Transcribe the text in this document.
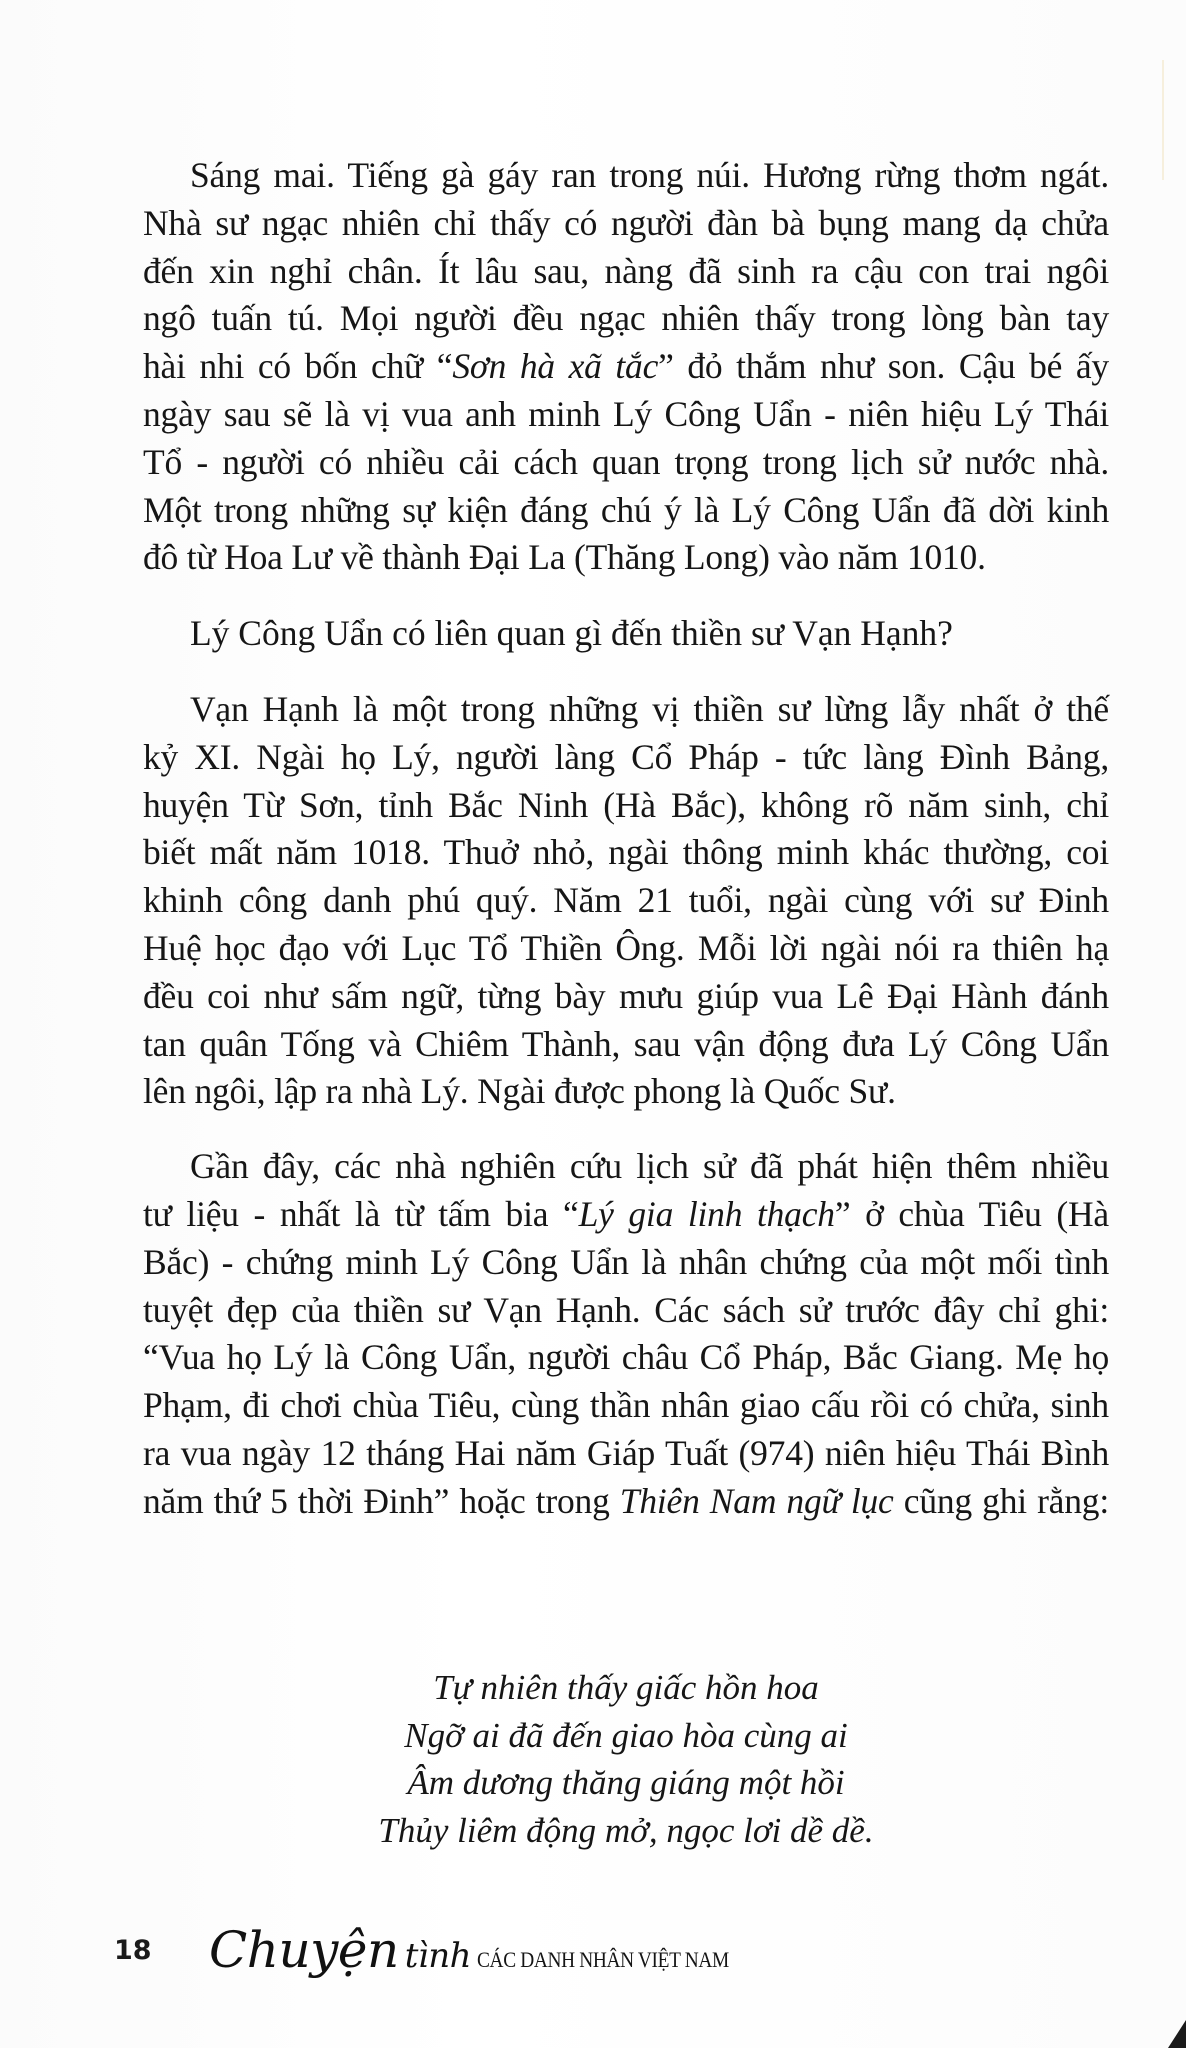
Sáng mai. Tiếng gà gáy ran trong núi. Hương rừng thơm ngát.
Nhà sư ngạc nhiên chỉ thấy có người đàn bà bụng mang dạ chửa
đến xin nghỉ chân. Ít lâu sau, nàng đã sinh ra cậu con trai ngôi
ngô tuấn tú. Mọi người đều ngạc nhiên thấy trong lòng bàn tay
hài nhi có bốn chữ “Sơn hà xã tắc” đỏ thắm như son. Cậu bé ấy
ngày sau sẽ là vị vua anh minh Lý Công Uẩn - niên hiệu Lý Thái
Tổ - người có nhiều cải cách quan trọng trong lịch sử nước nhà.
Một trong những sự kiện đáng chú ý là Lý Công Uẩn đã dời kinh
đô từ Hoa Lư về thành Đại La (Thăng Long) vào năm 1010.

Lý Công Uẩn có liên quan gì đến thiền sư Vạn Hạnh?

Vạn Hạnh là một trong những vị thiền sư lừng lẫy nhất ở thế
kỷ XI. Ngài họ Lý, người làng Cổ Pháp - tức làng Đình Bảng,
huyện Từ Sơn, tỉnh Bắc Ninh (Hà Bắc), không rõ năm sinh, chỉ
biết mất năm 1018. Thuở nhỏ, ngài thông minh khác thường, coi
khinh công danh phú quý. Năm 21 tuổi, ngài cùng với sư Đinh
Huệ học đạo với Lục Tổ Thiền Ông. Mỗi lời ngài nói ra thiên hạ
đều coi như sấm ngữ, từng bày mưu giúp vua Lê Đại Hành đánh
tan quân Tống và Chiêm Thành, sau vận động đưa Lý Công Uẩn
lên ngôi, lập ra nhà Lý. Ngài được phong là Quốc Sư.
Gần đây, các nhà nghiên cứu lịch sử đã phát hiện thêm nhiều
tư liệu - nhất là từ tấm bia “Lý gia linh thạch” ở chùa Tiêu (Hà
Bắc) - chứng minh Lý Công Uẩn là nhân chứng của một mối tình
tuyệt đẹp của thiền sư Vạn Hạnh. Các sách sử trước đây chỉ ghi:
“Vua họ Lý là Công Uẩn, người châu Cổ Pháp, Bắc Giang. Mẹ họ
Phạm, đi chơi chùa Tiêu, cùng thần nhân giao cấu rồi có chửa, sinh
ra vua ngày 12 tháng Hai năm Giáp Tuất (974) niên hiệu Thái Bình
năm thứ 5 thời Đinh” hoặc trong Thiên Nam ngữ lục cũng ghi rằng:
Tự nhiên thấy giấc hồn hoa
Ngỡ ai đã đến giao hòa cùng ai
Âm dương thăng giáng một hồi
Thủy liêm động mở, ngọc lơi dề dề.
18	Chuyện tình CÁC DANH NHÂN VIỆT NAM
